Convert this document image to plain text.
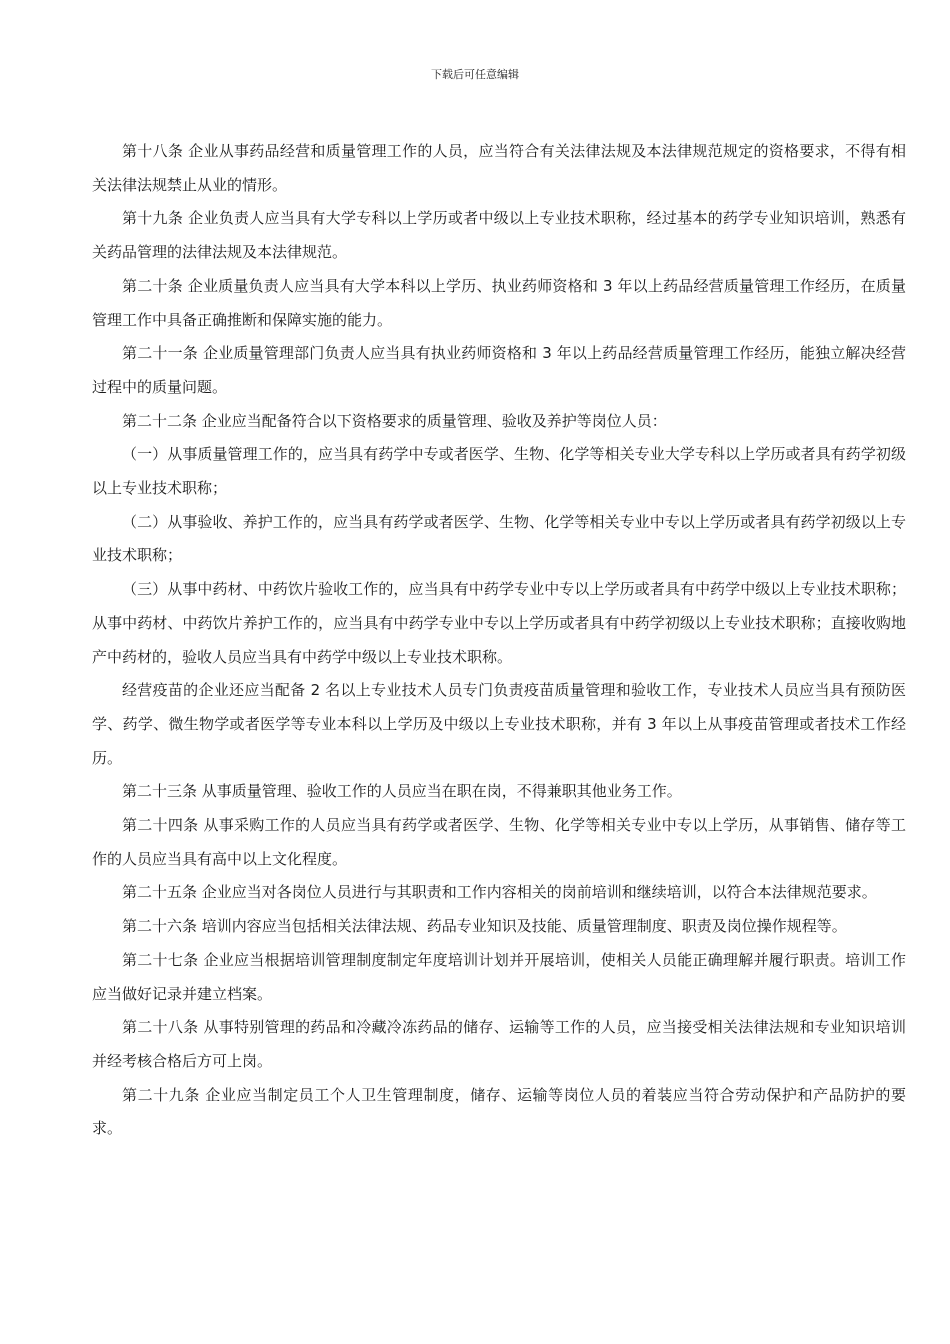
下载后可任意编辑

第十八条 企业从事药品经营和质量管理工作的人员，应当符合有关法律法规及本法律规范规定的资格要求，不得有相关法律法规禁止从业的情形。

第十九条 企业负责人应当具有大学专科以上学历或者中级以上专业技术职称，经过基本的药学专业知识培训，熟悉有关药品管理的法律法规及本法律规范。

第二十条 企业质量负责人应当具有大学本科以上学历、执业药师资格和 3 年以上药品经营质量管理工作经历，在质量管理工作中具备正确推断和保障实施的能力。

第二十一条 企业质量管理部门负责人应当具有执业药师资格和 3 年以上药品经营质量管理工作经历，能独立解决经营过程中的质量问题。

第二十二条 企业应当配备符合以下资格要求的质量管理、验收及养护等岗位人员：

（一）从事质量管理工作的，应当具有药学中专或者医学、生物、化学等相关专业大学专科以上学历或者具有药学初级以上专业技术职称；

（二）从事验收、养护工作的，应当具有药学或者医学、生物、化学等相关专业中专以上学历或者具有药学初级以上专业技术职称；

（三）从事中药材、中药饮片验收工作的，应当具有中药学专业中专以上学历或者具有中药学中级以上专业技术职称；从事中药材、中药饮片养护工作的，应当具有中药学专业中专以上学历或者具有中药学初级以上专业技术职称；直接收购地产中药材的，验收人员应当具有中药学中级以上专业技术职称。

经营疫苗的企业还应当配备 2 名以上专业技术人员专门负责疫苗质量管理和验收工作，专业技术人员应当具有预防医学、药学、微生物学或者医学等专业本科以上学历及中级以上专业技术职称，并有 3 年以上从事疫苗管理或者技术工作经历。

第二十三条 从事质量管理、验收工作的人员应当在职在岗，不得兼职其他业务工作。

第二十四条 从事采购工作的人员应当具有药学或者医学、生物、化学等相关专业中专以上学历，从事销售、储存等工作的人员应当具有高中以上文化程度。

第二十五条 企业应当对各岗位人员进行与其职责和工作内容相关的岗前培训和继续培训，以符合本法律规范要求。

第二十六条 培训内容应当包括相关法律法规、药品专业知识及技能、质量管理制度、职责及岗位操作规程等。

第二十七条 企业应当根据培训管理制度制定年度培训计划并开展培训，使相关人员能正确理解并履行职责。培训工作应当做好记录并建立档案。

第二十八条 从事特别管理的药品和冷藏冷冻药品的储存、运输等工作的人员，应当接受相关法律法规和专业知识培训并经考核合格后方可上岗。

第二十九条 企业应当制定员工个人卫生管理制度，储存、运输等岗位人员的着装应当符合劳动保护和产品防护的要求。
